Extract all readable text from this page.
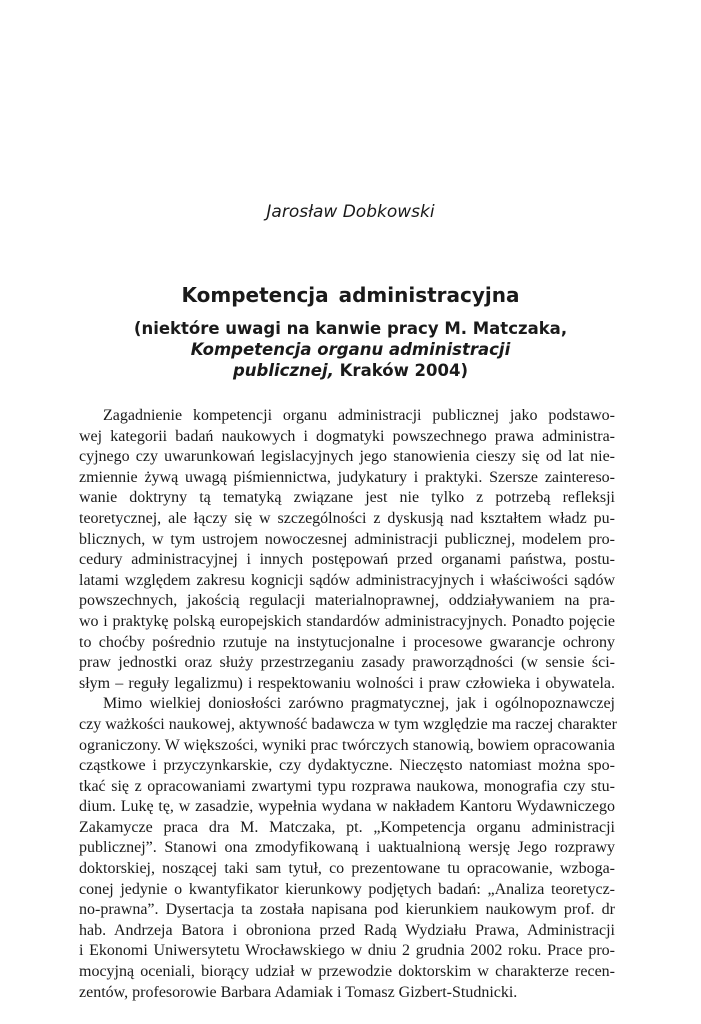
Jarosław Dobkowski
Kompetencja administracyjna
(niektóre uwagi na kanwie pracy M. Matczaka,
Kompetencja organu administracji
publicznej, Kraków 2004)

Zagadnienie kompetencji organu administracji publicznej jako podstawo-
wej kategorii badań naukowych i dogmatyki powszechnego prawa administra-
cyjnego czy uwarunkowań legislacyjnych jego stanowienia cieszy się od lat nie-
zmiennie żywą uwagą piśmiennictwa, judykatury i praktyki. Szersze zaintereso-
wanie doktryny tą tematyką związane jest nie tylko z potrzebą refleksji
teoretycznej, ale łączy się w szczególności z dyskusją nad kształtem władz pu-
blicznych, w tym ustrojem nowoczesnej administracji publicznej, modelem pro-
cedury administracyjnej i innych postępowań przed organami państwa, postu-
latami względem zakresu kognicji sądów administracyjnych i właściwości sądów
powszechnych, jakością regulacji materialnoprawnej, oddziaływaniem na pra-
wo i praktykę polską europejskich standardów administracyjnych. Ponadto pojęcie
to choćby pośrednio rzutuje na instytucjonalne i procesowe gwarancje ochrony
praw jednostki oraz służy przestrzeganiu zasady praworządności (w sensie ści-
słym – reguły legalizmu) i respektowaniu wolności i praw człowieka i obywatela.

Mimo wielkiej doniosłości zarówno pragmatycznej, jak i ogólnopoznawczej
czy ważkości naukowej, aktywność badawcza w tym względzie ma raczej charakter
ograniczony. W większości, wyniki prac twórczych stanowią, bowiem opracowania
cząstkowe i przyczynkarskie, czy dydaktyczne. Nieczęsto natomiast można spo-
tkać się z opracowaniami zwartymi typu rozprawa naukowa, monografia czy stu-
dium. Lukę tę, w zasadzie, wypełnia wydana w nakładem Kantoru Wydawniczego
Zakamycze praca dra M. Matczaka, pt. „Kompetencja organu administracji
publicznej”. Stanowi ona zmodyfikowaną i uaktualnioną wersję Jego rozprawy
doktorskiej, noszącej taki sam tytuł, co prezentowane tu opracowanie, wzboga-
conej jedynie o kwantyfikator kierunkowy podjętych badań: „Analiza teoretycz-
no-prawna”. Dysertacja ta została napisana pod kierunkiem naukowym prof. dr
hab. Andrzeja Batora i obroniona przed Radą Wydziału Prawa, Administracji
i Ekonomi Uniwersytetu Wrocławskiego w dniu 2 grudnia 2002 roku. Prace pro-
mocyjną oceniali, biorący udział w przewodzie doktorskim w charakterze recen-
zentów, profesorowie Barbara Adamiak i Tomasz Gizbert-Studnicki.
